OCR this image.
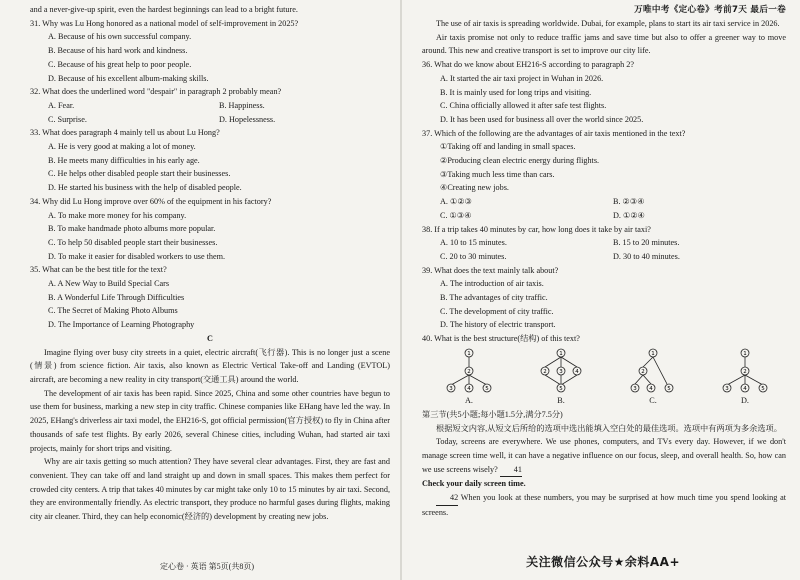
and a never-give-up spirit, even the hardest beginnings can lead to a bright future.
31. Why was Lu Hong honored as a national model of self-improvement in 2025?
A. Because of his own successful company.
B. Because of his hard work and kindness.
C. Because of his great help to poor people.
D. Because of his excellent album-making skills.
32. What does the underlined word "despair" in paragraph 2 probably mean?
A. Fear.	B. Happiness.
C. Surprise.	D. Hopelessness.
33. What does paragraph 4 mainly tell us about Lu Hong?
A. He is very good at making a lot of money.
B. He meets many difficulties in his early age.
C. He helps other disabled people start their businesses.
D. He started his business with the help of disabled people.
34. Why did Lu Hong improve over 60% of the equipment in his factory?
A. To make more money for his company.
B. To make handmade photo albums more popular.
C. To help 50 disabled people start their businesses.
D. To make it easier for disabled workers to use them.
35. What can be the best title for the text?
A. A New Way to Build Special Cars
B. A Wonderful Life Through Difficulties
C. The Secret of Making Photo Albums
D. The Importance of Learning Photography
C
Imagine flying over busy city streets in a quiet, electric aircraft(飞行器). This is no longer just a scene (情景) from science fiction. Air taxis, also known as Electric Vertical Take-off and Landing (EVTOL) aircraft, are becoming a new reality in city transport(交通工具) around the world.
The development of air taxis has been rapid. Since 2025, China and some other countries have begun to use them for business, marking a new step in city traffic. Chinese companies like EHang have led the way. In 2025, EHang's driverless air taxi model, the EH216-S, got official permission(官方授权) to fly in China after thousands of safe test flights. By early 2026, several Chinese cities, including Wuhan, had started air taxi projects, mainly for short trips and visiting.
Why are air taxis getting so much attention? They have several clear advantages. First, they are fast and convenient. They can take off and land straight up and down in small spaces. This makes them perfect for crowded city centers. A trip that takes 40 minutes by car might take only 10 to 15 minutes by air taxi. Second, they are environmentally friendly. As electric transport, they produce no harmful gases during flights, making city air cleaner. Third, they can help economic(经济的) development by creating new jobs.
定心卷 · 英语 第5页(共8页)
万唯中考《定心卷》考前7天 最后一卷
The use of air taxis is spreading worldwide. Dubai, for example, plans to start its air taxi service in 2026.
Air taxis promise not only to reduce traffic jams and save time but also to offer a greener way to move around. This new and creative transport is set to improve our city life.
36. What do we know about EH216-S according to paragraph 2?
A. It started the air taxi project in Wuhan in 2026.
B. It is mainly used for long trips and visiting.
C. China officially allowed it after safe test flights.
D. It has been used for business all over the world since 2025.
37. Which of the following are the advantages of air taxis mentioned in the text?
①Taking off and landing in small spaces.
②Producing clean electric energy during flights.
③Taking much less time than cars.
④Creating new jobs.
A. ①②③	B. ②③④
C. ①③④	D. ①②④
38. If a trip takes 40 minutes by car, how long does it take by air taxi?
A. 10 to 15 minutes.	B. 15 to 20 minutes.
C. 20 to 30 minutes.	D. 30 to 40 minutes.
39. What does the text mainly talk about?
A. The introduction of air taxis.
B. The advantages of city traffic.
C. The development of city traffic.
D. The history of electric transport.
40. What is the best structure(结构) of this text?
1
2
3	4	5
A.
1
2 3 4
5
B.
1
2
3 4	5
C.
1
2
3	4	5
D.
第三节(共5小题;每小题1.5分,满分7.5分)
根据短文内容,从短文后所给的选项中选出能填入空白处的最佳选项。选项中有两项为多余选项。
Today, screens are everywhere. We use phones, computers, and TVs every day. However, if we don't manage screen time well, it can have a negative influence on our focus, sleep, and overall health. So, how can we use screens wisely? 41
Check your daily screen time.
42 When you look at these numbers, you may be surprised at how much time you spend looking at screens.
关注微信公众号★余料AA+
